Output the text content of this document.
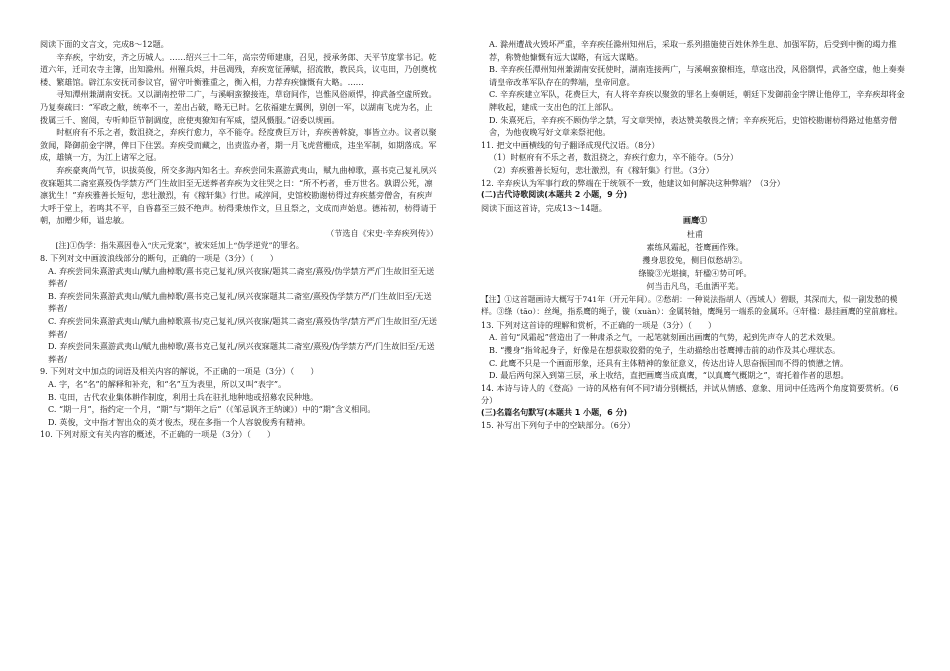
阅读下面的文言文，完成8～12题。

辛弃疾，字幼安，齐之历城人。……绍兴三十二年，高宗劳师建康，召见，授承务郎、天平节度掌书记。乾道六年，迁司农寺主簿，出知滁州。州罹兵烬，井邑凋残，弃疾宽征薄赋，招流散，教民兵，议屯田，乃创奠枕楼、繁雄馆。辟江东安抚司参议官，留守叶衡雅重之，衡入相，力荐弃疾慷慨有大略。……

寻知潭州兼湖南安抚。又以湖南控带二广，与溪峒蛮獠接连，草窃间作，岂惟风俗顽悍，抑武备空虚所致。乃复奏疏曰：“军政之敝，统率不一，差出占破，略无已时。乞依福建左翼例，别创一军，以湖南飞虎为名，止拨属三千、窗阅，专听帅臣节制调度，庶使夷獠知有军威，望风慑服。”诏委以规画。

时枢府有不乐之者，数沮挠之，弃疾行愈力，卒不能夺。经度费巨万计，弃疾善斡旋，事皆立办。议者以聚敛闻，降御前金字牌，俾日下住罢。弃疾受而藏之，出责监办者，期一月飞虎营栅成，违坐军制，如期落成。军成，雄镇一方，为江上诸军之冠。

弃疾豪爽尚气节，识拔英俊，所交多海内知名士。弃疾尝同朱熹游武夷山，赋九曲棹歌，熹书克己复礼夙兴夜寐题其二斋室熹殁伪学禁方严门生故旧至无送葬者弃疾为文往哭之曰：“所不朽者，垂万世名。孰谓公死，凛凛犹生！”弃疾雅善长短句，悲壮激烈，有《稼轩集》行世。咸淳间，史馆校勘谢枋得过弃疾墓旁僧舍，有疾声大呼于堂上，若鸣其不平，自昏暮至三鼓不绝声。枋得秉烛作文，旦且祭之，文成而声始息。德祐初，枋得请于朝，加赠少师，谥忠敏。

（节选自《宋史·辛弃疾列传》）

[注]①伪学：指朱熹因卷入“庆元党案”，被宋廷加上“伪学逆党”的罪名。

8. 下列对文中画波浪线部分的断句，正确的一项是（3分）（　　）

A. 弃疾尝同朱熹游武夷山/赋九曲棹歌/熹书克己复礼/夙兴夜寐/题其二斋室/熹殁/伪学禁方严/门生故旧至无送葬者/

B. 弃疾尝同朱熹游武夷山/赋九曲棹歌/熹书克己复礼/夙兴夜寐题其二斋室/熹殁伪学禁方严/门生故旧至/无送葬者/

C. 弃疾尝同朱熹游武夷山/赋九曲棹歌熹书/克己复礼/夙兴夜寐/题其二斋室/熹殁伪学/禁方严/门生故旧至/无送葬者/

D. 弃疾尝同朱熹游武夷山/赋九曲棹歌/熹书克己复礼/夙兴夜寐题其二斋室/熹殁/伪学禁方严/门生故旧至/无送葬者/

9. 下列对文中加点的词语及相关内容的解说，不正确的一项是（3分）（　　）

A. 字，名“名”的解释和补充，和“名”互为表里，所以又叫“表字”。

B. 屯田，古代农业集体耕作制度，利用士兵在驻扎地种地或招募农民种地。

C. “期一月”，指约定一个月，“期”与“期年之后”（《邹忌讽齐王纳谏》）中的“期”含义相同。

D. 英俊，文中指才智出众的英才俊杰，现在多指一个人容貌俊秀有精神。

10. 下列对原文有关内容的概述，不正确的一项是（3分）（　　）

A. 滁州遭战火毁坏严重，辛弃疾任滁州知州后，采取一系列措施使百姓休养生息、加强军防，后受到中衡的竭力推荐，称赞他慷慨有远大谋略，有远大谋略。

B. 辛弃疾任潭州知州兼湖南安抚使时，湖南连接两广，与溪峒蛮獠相连，草寇出没，风俗剽悍，武备空虚，他上奏奏请皇帝改革军队存在的弊端，皇帝同意。

C. 辛弃疾建立军队，花费巨大，有人将辛弃疾以聚敛的罪名上奏朝廷，朝廷下发御前金字牌让他停工，辛弃疾却将金牌收起，建成一支出色的江上部队。

D. 朱熹死后，辛弃疾不顾伪学之禁，写文章哭悼，表达赞美敬畏之情；辛弃疾死后，史馆校勘谢枋得路过他墓旁僧舍，为他夜晚写好文章来祭祀他。

11. 把文中画横线的句子翻译成现代汉语。（8分）

（1）时枢府有不乐之者，数沮挠之，弃疾行愈力，卒不能夺。（5分）

（2）弃疾雅善长短句，悲壮激烈，有《稼轩集》行世。（3分）

12. 辛弃疾认为军事行政的弊端在于统领不一致，他建议如何解决这种弊端？（3分）

(二)古代诗歌阅读(本题共 2 小题，9 分)

阅读下面这首诗，完成13～14题。

画鹰①

杜甫

素练风霜起，苍鹰画作殊。

㩳身思狡兔，侧目似愁胡②。

绦镟③光堪摘，轩楹④势可呼。

何当击凡鸟，毛血洒平芜。

【注】①这首题画诗大概写于741年（开元年间）。②愁胡：一种说法指胡人（西域人）碧眼，其深而大，似一副发愁的模样。③绦（tāo）：丝绳，指系鹰的绳子，镟（xuàn）：金属转轴，鹰绳另一端系的金属环。④轩楹：悬挂画鹰的堂前廊柱。

13. 下列对这首诗的理解和赏析，不正确的一项是（3分）（　　）

A. 首句“风霜起”营造出了一种肃杀之气，一起笔就刻画出画鹰的气势，起到先声夺人的艺术效果。

B. “㩳身”指耸起身子，好像是在想获取狡猾的兔子，生动描绘出苍鹰搏击前的动作及其心理状态。

C. 此鹰不只是一个画面形象，还具有主体精神的象征意义，传达出诗人思奋振国而不得的愤懑之情。

D. 最后两句深入到第三层，承上收结，直把画鹰当成真鹰，“以真鹰气概期之”，寄托着作者的思想。

14. 本诗与诗人的《登高》一诗的风格有何不同?请分别概括，并试从情感、意象、用词中任选两个角度简要赏析。（6分）

(三)名篇名句默写(本题共 1 小题，6 分)

15. 补写出下列句子中的空缺部分。（6分）
